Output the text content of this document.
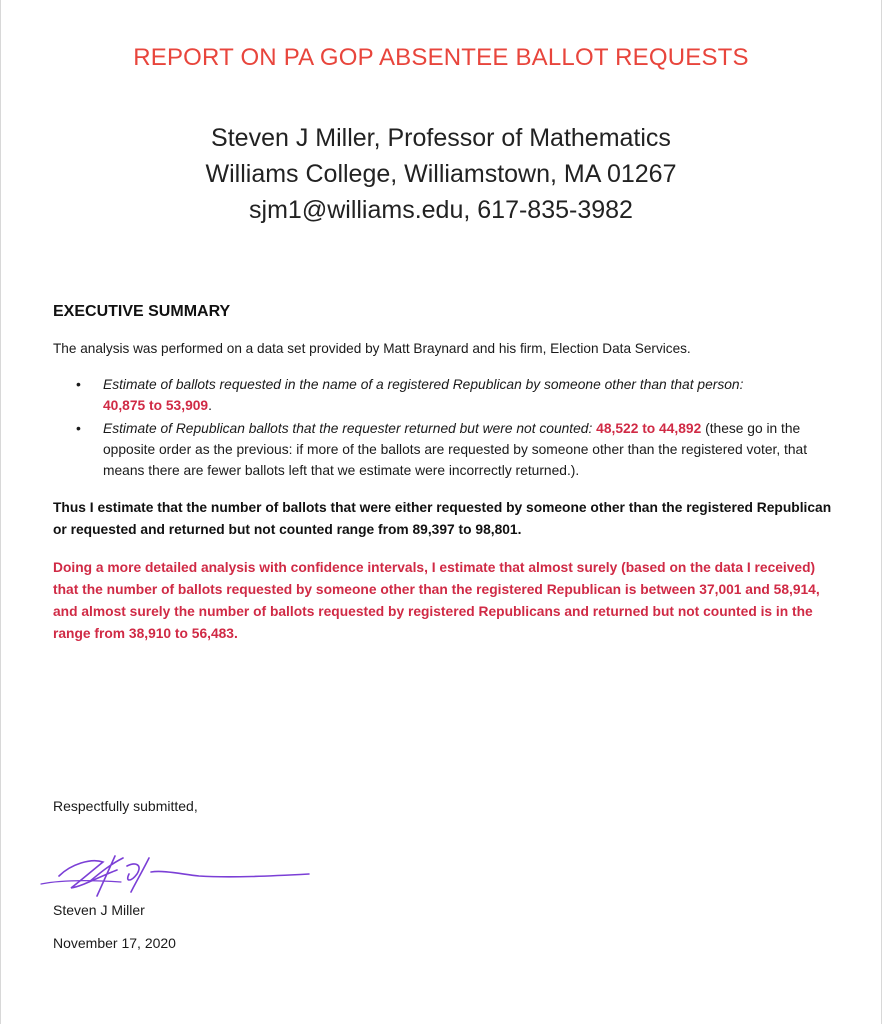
REPORT ON PA GOP ABSENTEE BALLOT REQUESTS
Steven J Miller, Professor of Mathematics
Williams College, Williamstown, MA 01267
sjm1@williams.edu, 617-835-3982
EXECUTIVE SUMMARY
The analysis was performed on a data set provided by Matt Braynard and his firm, Election Data Services.
• Estimate of ballots requested in the name of a registered Republican by someone other than that person:
40,875 to 53,909.
• Estimate of Republican ballots that the requester returned but were not counted: 48,522 to 44,892 (these go in the opposite order as the previous: if more of the ballots are requested by someone other than the registered voter, that means there are fewer ballots left that we estimate were incorrectly returned.).
Thus I estimate that the number of ballots that were either requested by someone other than the registered Republican or requested and returned but not counted range from 89,397 to 98,801.
Doing a more detailed analysis with confidence intervals, I estimate that almost surely (based on the data I received) that the number of ballots requested by someone other than the registered Republican is between 37,001 and 58,914, and almost surely the number of ballots requested by registered Republicans and returned but not counted is in the range from 38,910 to 56,483.
Respectfully submitted,
Steven J Miller
November 17, 2020
